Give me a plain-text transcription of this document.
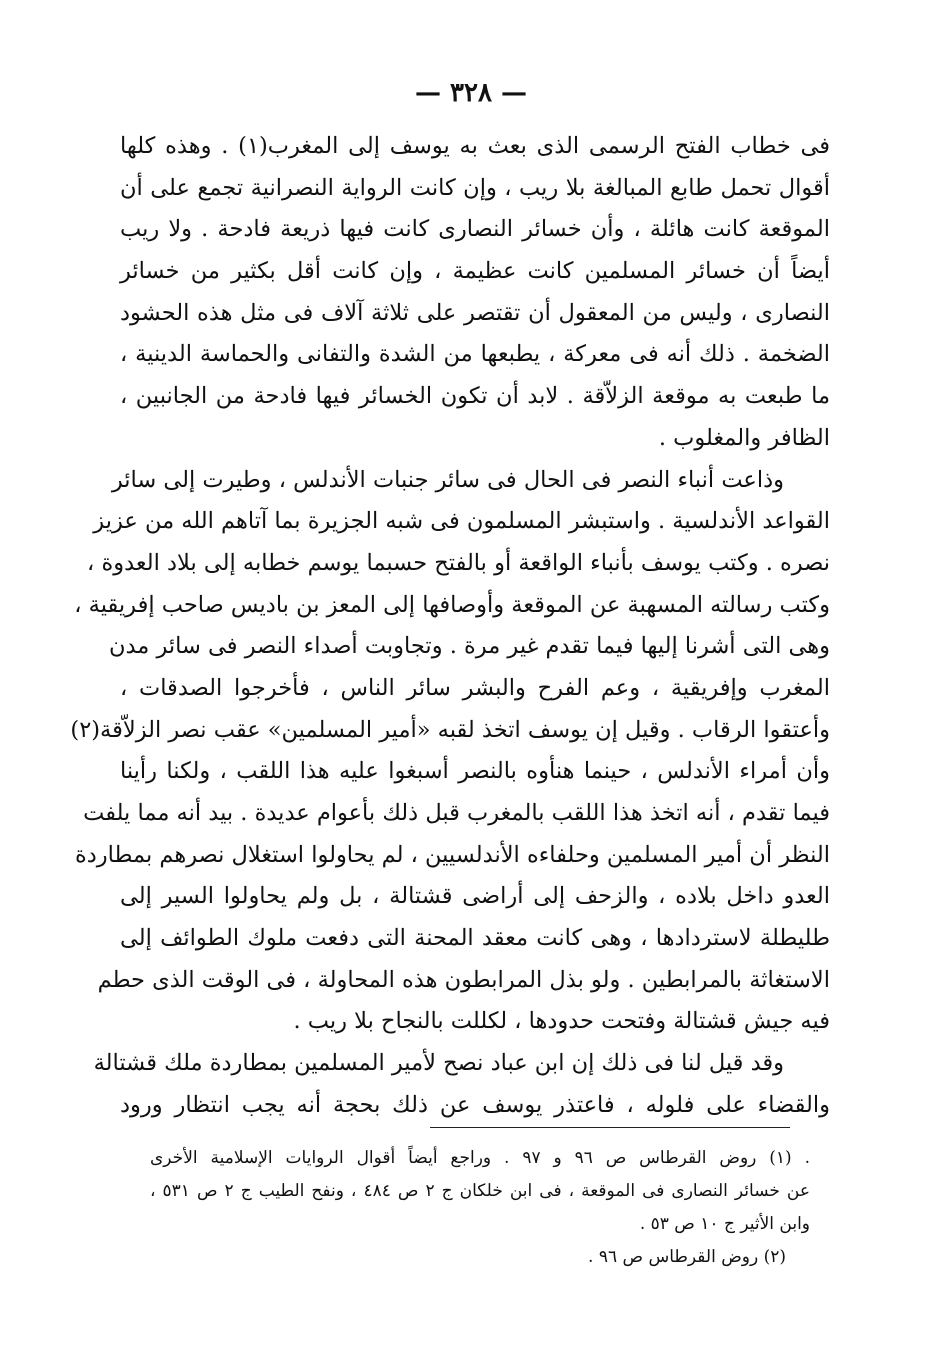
— ٣٢٨ —
فى خطاب الفتح الرسمى الذى بعث به يوسف إلى المغرب(١) . وهذه كلها
أقوال تحمل طابع المبالغة بلا ريب ، وإن كانت الرواية النصرانية تجمع على أن
الموقعة كانت هائلة ، وأن خسائر النصارى كانت فيها ذريعة فادحة . ولا ريب
أيضاً أن خسائر المسلمين كانت عظيمة ، وإن كانت أقل بكثير من خسائر
النصارى ، وليس من المعقول أن تقتصر على ثلاثة آلاف فى مثل هذه الحشود
الضخمة . ذلك أنه فى معركة ، يطبعها من الشدة والتفانى والحماسة الدينية ،
ما طبعت به موقعة الزلاّقة . لابد أن تكون الخسائر فيها فادحة من الجانبين ،
الظافر والمغلوب .
وذاعت أنباء النصر فى الحال فى سائر جنبات الأندلس ، وطيرت إلى سائر
القواعد الأندلسية . واستبشر المسلمون فى شبه الجزيرة بما آتاهم الله من عزيز
نصره . وكتب يوسف بأنباء الواقعة أو بالفتح حسبما يوسم خطابه إلى بلاد العدوة ،
وكتب رسالته المسهبة عن الموقعة وأوصافها إلى المعز بن باديس صاحب إفريقية ،
وهى التى أشرنا إليها فيما تقدم غير مرة . وتجاوبت أصداء النصر فى سائر مدن
المغرب وإفريقية ، وعم الفرح والبشر سائر الناس ، فأخرجوا الصدقات ،
وأعتقوا الرقاب . وقيل إن يوسف اتخذ لقبه «أمير المسلمين» عقب نصر الزلاّقة(٢)
وأن أمراء الأندلس ، حينما هنأوه بالنصر أسبغوا عليه هذا اللقب ، ولكنا رأينا
فيما تقدم ، أنه اتخذ هذا اللقب بالمغرب قبل ذلك بأعوام عديدة . بيد أنه مما يلفت
النظر أن أمير المسلمين وحلفاءه الأندلسيين ، لم يحاولوا استغلال نصرهم بمطاردة
العدو داخل بلاده ، والزحف إلى أراضى قشتالة ، بل ولم يحاولوا السير إلى
طليطلة لاستردادها ، وهى كانت معقد المحنة التى دفعت ملوك الطوائف إلى
الاستغاثة بالمرابطين . ولو بذل المرابطون هذه المحاولة ، فى الوقت الذى حطم
فيه جيش قشتالة وفتحت حدودها ، لكللت بالنجاح بلا ريب .
وقد قيل لنا فى ذلك إن ابن عباد نصح لأمير المسلمين بمطاردة ملك قشتالة
والقضاء على فلوله ، فاعتذر يوسف عن ذلك بحجة أنه يجب انتظار ورود
. (١) روض القرطاس ص ٩٦ و ٩٧ . وراجع أيضاً أقوال الروايات الإسلامية الأخرى
عن خسائر النصارى فى الموقعة ، فى ابن خلكان ج ٢ ص ٤٨٤ ، ونفح الطيب ج ٢ ص ٥٣١ ،
وابن الأثير ج ١٠ ص ٥٣ .
(٢) روض القرطاس ص ٩٦ .
